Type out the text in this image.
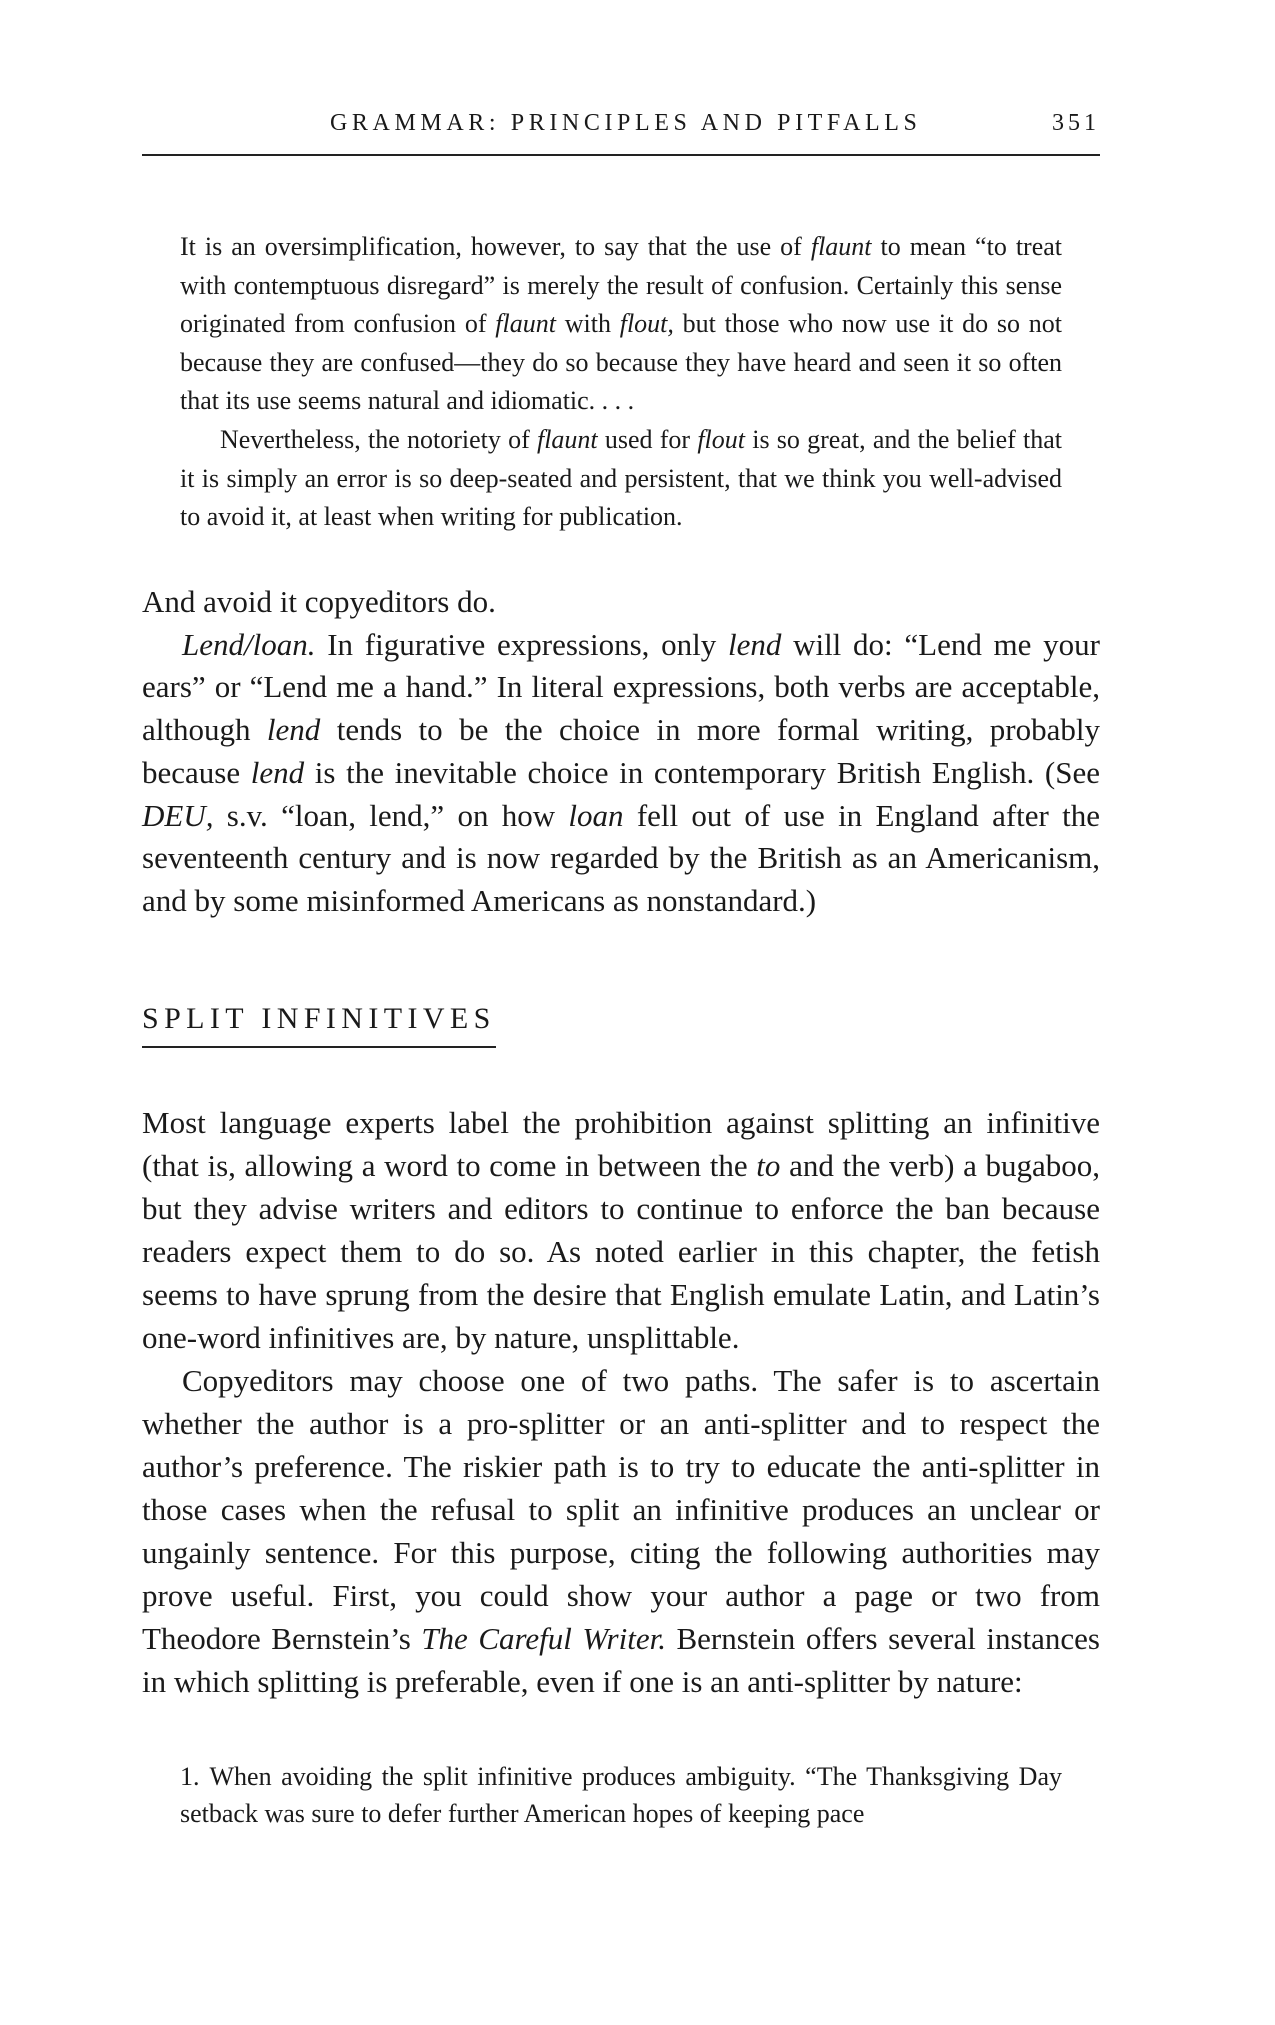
GRAMMAR: PRINCIPLES AND PITFALLS	351

It is an oversimplification, however, to say that the use of flaunt to mean “to treat with contemptuous disregard” is merely the result of confusion. Certainly this sense originated from confusion of flaunt with flout, but those who now use it do so not because they are confused—they do so because they have heard and seen it so often that its use seems natural and idiomatic. . . .

Nevertheless, the notoriety of flaunt used for flout is so great, and the belief that it is simply an error is so deep-seated and persistent, that we think you well-advised to avoid it, at least when writing for publication.

And avoid it copyeditors do.

Lend/loan. In figurative expressions, only lend will do: “Lend me your ears” or “Lend me a hand.” In literal expressions, both verbs are acceptable, although lend tends to be the choice in more formal writing, probably because lend is the inevitable choice in contemporary British English. (See DEU, s.v. “loan, lend,” on how loan fell out of use in England after the seventeenth century and is now regarded by the British as an Americanism, and by some misinformed Americans as nonstandard.)

SPLIT INFINITIVES

Most language experts label the prohibition against splitting an infinitive (that is, allowing a word to come in between the to and the verb) a bugaboo, but they advise writers and editors to continue to enforce the ban because readers expect them to do so. As noted earlier in this chapter, the fetish seems to have sprung from the desire that English emulate Latin, and Latin’s one-word infinitives are, by nature, unsplittable.

Copyeditors may choose one of two paths. The safer is to ascertain whether the author is a pro-splitter or an anti-splitter and to respect the author’s preference. The riskier path is to try to educate the anti-splitter in those cases when the refusal to split an infinitive produces an unclear or ungainly sentence. For this purpose, citing the following authorities may prove useful. First, you could show your author a page or two from Theodore Bernstein’s The Careful Writer. Bernstein offers several instances in which splitting is preferable, even if one is an anti-splitter by nature:

1. When avoiding the split infinitive produces ambiguity. “The Thanksgiving Day setback was sure to defer further American hopes of keeping pace
